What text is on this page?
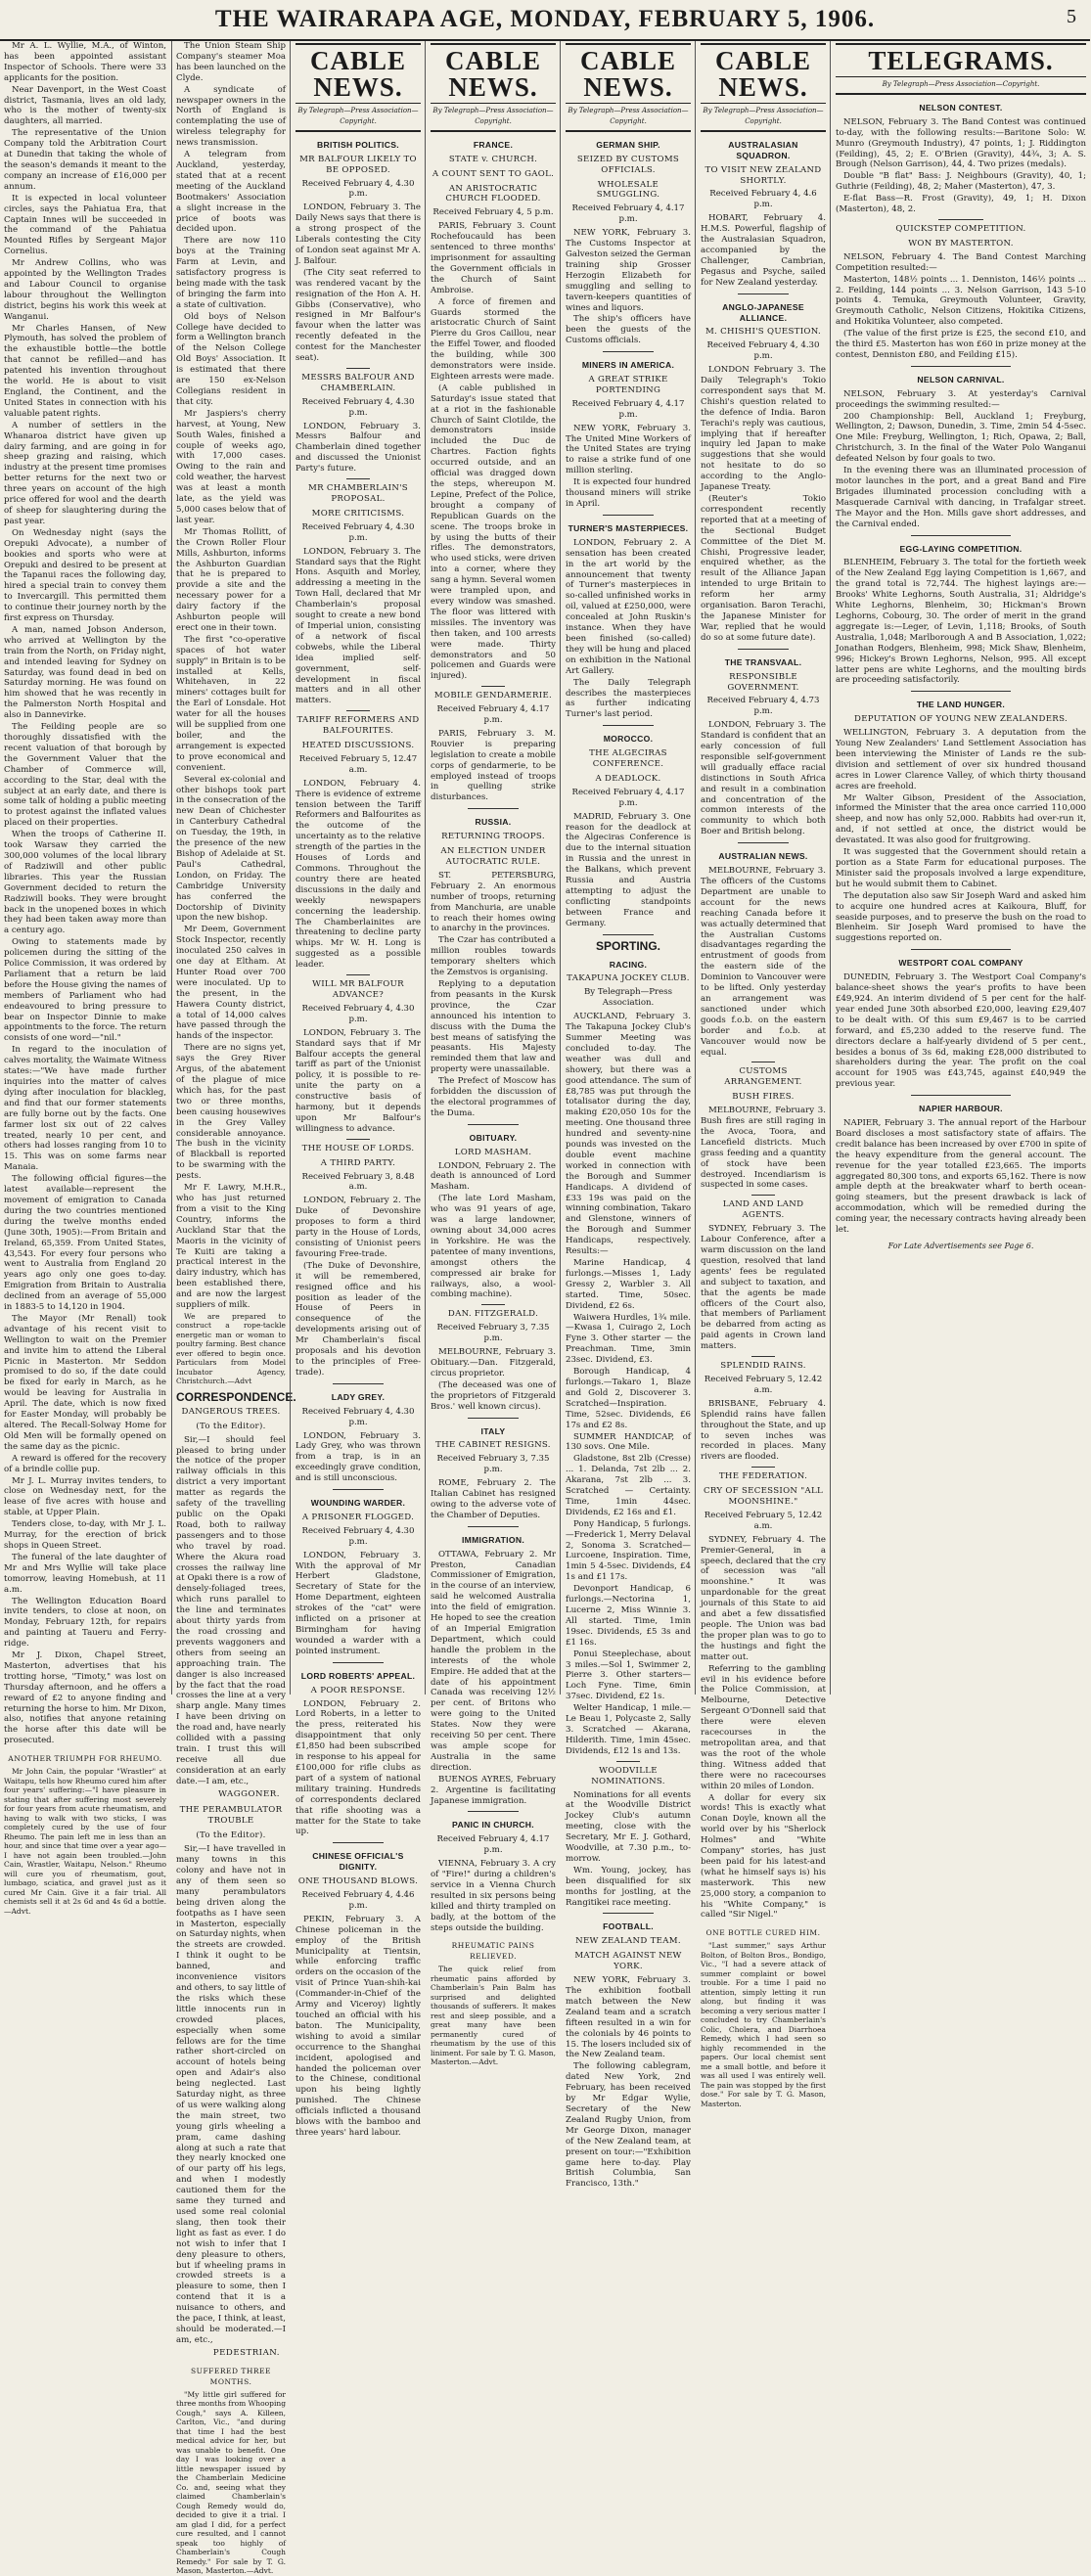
THE WAIRARAPA AGE, MONDAY, FEBRUARY 5, 1906.	5

Mr A. L. Wyllie, M.A., of Winton, has been appointed assistant Inspector of Schools. There were 33 applicants for the position.

Near Davenport, in the West Coast district, Tasmania, lives an old lady, who is the mother of twenty-six daughters, all married.

The representative of the Union Company told the Arbitration Court at Dunedin that taking the whole of the season's demands it meant to the company an increase of £16,000 per annum.

It is expected in local volunteer circles, says the Pahiatua Era, that Captain Innes will be succeeded in the command of the Pahiatua Mounted Rifles by Sergeant Major Cornelius.

Mr Andrew Collins, who was appointed by the Wellington Trades and Labour Council to organise labour throughout the Wellington district, begins his work this week at Wanganui.

Mr Charles Hansen, of New Plymouth, has solved the problem of the exhaustible bottle—the bottle that cannot be refilled—and has patented his invention throughout the world. He is about to visit England, the Continent, and the United States in connection with his valuable patent rights.

A number of settlers in the Whanaroa district have given up dairy farming, and are going in for sheep grazing and raising, which industry at the present time promises better returns for the next two or three years on account of the high price offered for wool and the dearth of sheep for slaughtering during the past year.

On Wednesday night (says the Orepuki Advocate), a number of bookies and sports who were at Orepuki and desired to be present at the Tapanui races the following day, hired a special train to convey them to Invercargill. This permitted them to continue their journey north by the first express on Thursday.

A man, named Jobson Anderson, who arrived at Wellington by the train from the North, on Friday night, and intended leaving for Sydney on Saturday, was found dead in bed on Saturday morning. He was found on him showed that he was recently in the Palmerston North Hospital and also in Dannevirke.

The Feilding people are so thoroughly dissatisfied with the recent valuation of that borough by the Government Valuer that the Chamber of Commerce will, according to the Star, deal with the subject at an early date, and there is some talk of holding a public meeting to protest against the inflated values placed on their properties.

When the troops of Catherine II. took Warsaw they carried the 300,000 volumes of the local library of Radziwill and other public libraries. This year the Russian Government decided to return the Radziwill books. They were brought back in the unopened boxes in which they had been taken away more than a century ago.

Owing to statements made by policemen during the sitting of the Police Commission, it was ordered by Parliament that a return be laid before the House giving the names of members of Parliament who had endeavoured to bring pressure to bear on Inspector Dinnie to make appointments to the force. The return consists of one word—"nil."

In regard to the inoculation of calves mortality, the Waimate Witness states:—"We have made further inquiries into the matter of calves dying after inoculation for blackleg, and find that our former statements are fully borne out by the facts. One farmer lost six out of 22 calves treated, nearly 10 per cent, and others had losses ranging from 10 to 15. This was on some farms near Manaia.

The following official figures—the latest available—represent the movement of emigration to Canada during the two countries mentioned during the twelve months ended (June 30th, 1905):—From Britain and Ireland, 65,359. From United States, 43,543. For every four persons who went to Australia from England 20 years ago only one goes to-day. Emigration from Britain to Australia declined from an average of 55,000 in 1883-5 to 14,120 in 1904.

The Mayor (Mr Renall) took advantage of his recent visit to Wellington to wait on the Premier and invite him to attend the Liberal Picnic in Masterton. Mr Seddon promised to do so, if the date could be fixed for early in March, as he would be leaving for Australia in April. The date, which is now fixed for Easter Monday, will probably be altered. The Recall-Solway Home for Old Men will be formally opened on the same day as the picnic.

A reward is offered for the recovery of a brindle collie pup.

Mr J. L. Murray invites tenders, to close on Wednesday next, for the lease of five acres with house and stable, at Upper Plain.

Tenders close, to-day, with Mr J. L. Murray, for the erection of brick shops in Queen Street.

The funeral of the late daughter of Mr and Mrs Wyllie will take place tomorrow, leaving Homebush, at 11 a.m.

The Wellington Education Board invite tenders, to close at noon, on Monday, February 12th, for repairs and painting at Taueru and Ferry-ridge.

Mr J. Dixon, Chapel Street, Masterton, advertises that his trotting horse, "Timoty," was lost on Thursday afternoon, and he offers a reward of £2 to anyone finding and returning the horse to him. Mr Dixon, also, notifies that anyone retaining the horse after this date will be prosecuted.

ANOTHER TRIUMPH FOR RHEUMO.

Mr John Cain, the popular "Wrastler" at Waitapu, tells how Rheumo cured him after four years' suffering:—"I have pleasure in stating that after suffering most severely for four years from acute rheumatism, and having to walk with two sticks, I was completely cured by the use of four Rheumo. The pain left me in less than an hour, and since that time over a year ago—I have not again been troubled.—John Cain, Wrastler, Waitapu, Nelson." Rheumo will cure you of rheumatism, gout, lumbago, sciatica, and gravel just as it cured Mr Cain. Give it a fair trial. All chemists sell it at 2s 6d and 4s 6d a bottle.—Advt.

The Union Steam Ship Company's steamer Moa has been launched on the Clyde.

A syndicate of newspaper owners in the North of England is contemplating the use of wireless telegraphy for news transmission.

A telegram from Auckland, yesterday, stated that at a recent meeting of the Auckland Bootmakers' Association a slight increase in the price of boots was decided upon.

There are now 110 boys at the Training Farm at Levin, and satisfactory progress is being made with the task of bringing the farm into a state of cultivation.

Old boys of Nelson College have decided to form a Wellington branch of the Nelson College Old Boys' Association. It is estimated that there are 150 ex-Nelson Collegians resident in that city.

Mr Jaspiers's cherry harvest, at Young, New South Wales, finished a couple of weeks ago, with 17,000 cases. Owing to the rain and cold weather, the harvest was at least a month late, as the yield was 5,000 cases below that of last year.

Mr Thomas Rollitt, of the Crown Roller Flour Mills, Ashburton, informs the Ashburton Guardian that he is prepared to provide a site and the necessary power for a dairy factory if the Ashburton people will erect one in their town.

The first "co-operative spaces of hot water supply" in Britain is to be installed at Kells, Whitehaven, in 22 miners' cottages built for the Earl of Lonsdale. Hot water for all the houses will be supplied from one boiler, and the arrangement is expected to prove economical and convenient.

Several ex-colonial and other bishops took part in the consecration of the new Dean of Chichester in Canterbury Cathedral on Tuesday, the 19th, in the presence of the new Bishop of Adelaide at St. Paul's Cathedral, London, on Friday. The Cambridge University has conferred the Doctorship of Divinity upon the new bishop.

Mr Deem, Government Stock Inspector, recently inoculated 250 calves in one day at Eltham. At Hunter Road over 700 were inoculated. Up to the present, in the Hawera County district, a total of 14,000 calves have passed through the hands of the inspector.

There are no signs yet, says the Grey River Argus, of the abatement of the plague of mice which has, for the past two or three months, been causing housewives in the Grey Valley considerable annoyance. The bush in the vicinity of Blackball is reported to be swarming with the pests.

Mr F. Lawry, M.H.R., who has just returned from a visit to the King Country, informs the Auckland Star that the Maoris in the vicinity of Te Kuiti are taking a practical interest in the dairy industry, which has been established there, and are now the largest suppliers of milk.

We are prepared to construct a rope-tackle energetic man or woman to poultry farming. Best chance ever offered to begin once. Particulars from Model Incubator Agency, Christchurch.—Advt

CORRESPONDENCE.
DANGEROUS TREES.
(To the Editor).

Sir,—I should feel pleased to bring under the notice of the proper railway officials in this district a very important matter as regards the safety of the travelling public on the Opaki Road, both to railway passengers and to those who travel by road. Where the Akura road crosses the railway line at Opaki there is a row of densely-foliaged trees, which runs parallel to the line and terminates about thirty yards from the road crossing and prevents waggoners and others from seeing an approaching train. The danger is also increased by the fact that the road crosses the line at a very sharp angle. Many times I have been driving on the road and, have nearly collided with a passing train. I trust this will receive all due consideration at an early date.—I am, etc.,

WAGGONER.
THE PERAMBULATOR TROUBLE
(To the Editor).

Sir,—I have travelled in many towns in this colony and have not in any of them seen so many perambulators being driven along the footpaths as I have seen in Masterton, especially on Saturday nights, when the streets are crowded. I think it ought to be banned, and inconvenience visitors and others, to say little of the risks which these little innocents run in crowded places, especially when some fellows are for the time rather short-circled on account of hotels being open and Adair's also being neglected. Last Saturday night, as three of us were walking along the main street, two young girls wheeling a pram, came dashing along at such a rate that they nearly knocked one of our party off his legs, and when I modestly cautioned them for the same they turned and used some real colonial slang, then took their light as fast as ever. I do not wish to infer that I deny pleasure to others, but if wheeling prams in crowded streets is a pleasure to some, then I contend that it is a nuisance to others, and the pace, I think, at least, should be moderated.—I am, etc.,

PEDESTRIAN.
SUFFERED THREE MONTHS.

"My little girl suffered for three months from Whooping Cough," says A. Killeen, Carlton, Vic., "and during that time I had the best medical advice for her, but was unable to benefit. One day I was looking over a little newspaper issued by the Chamberlain Medicine Co. and, seeing what they claimed Chamberlain's Cough Remedy would do, decided to give it a trial. I am glad I did, for a perfect cure resulted, and I cannot speak too highly of Chamberlain's Cough Remedy." For sale by T. G. Mason, Masterton.—Advt.

CABLE NEWS.
By Telegraph—Press Association—Copyright.
BRITISH POLITICS.
MR BALFOUR LIKELY TO BE OPPOSED.
Received February 4, 4.30 p.m.

LONDON, February 3. The Daily News says that there is a strong prospect of the Liberals contesting the City of London seat against Mr A. J. Balfour.

(The City seat referred to was rendered vacant by the resignation of the Hon A. H. Gibbs (Conservative), who resigned in Mr Balfour's favour when the latter was recently defeated in the contest for the Manchester seat).

MESSRS BALFOUR AND CHAMBERLAIN.
Received February 4, 4.30 p.m.

LONDON, February 3. Messrs Balfour and Chamberlain dined together and discussed the Unionist Party's future.

MR CHAMBERLAIN'S PROPOSAL.
MORE CRITICISMS.
Received February 4, 4.30 p.m.

LONDON, February 3. The Standard says that the Right Hons. Asquith and Morley, addressing a meeting in the Town Hall, declared that Mr Chamberlain's proposal sought to create a new bond of Imperial union, consisting of a network of fiscal cobwebs, while the Liberal idea implied self-government, self-development in fiscal matters and in all other matters.

TARIFF REFORMERS AND BALFOURITES.
HEATED DISCUSSIONS.
Received February 5, 12.47 a.m.

LONDON, February 4. There is evidence of extreme tension between the Tariff Reformers and Balfourites as the outcome of the uncertainty as to the relative strength of the parties in the Houses of Lords and Commons. Throughout the country there are heated discussions in the daily and weekly newspapers concerning the leadership. The Chamberlainites are threatening to decline party whips. Mr W. H. Long is suggested as a possible leader.

WILL MR BALFOUR ADVANCE?
Received February 4, 4.30 p.m.

LONDON, February 3. The Standard says that if Mr Balfour accepts the general tariff as part of the Unionist policy, it is possible to re-unite the party on a constructive basis of harmony, but it depends upon Mr Balfour's willingness to advance.

THE HOUSE OF LORDS.
A THIRD PARTY.
Received February 3, 8.48 a.m.

LONDON, February 2. The Duke of Devonshire proposes to form a third party in the House of Lords, consisting of Unionist peers favouring Free-trade.

(The Duke of Devonshire, it will be remembered, resigned office and his position as leader of the House of Peers in consequence of the developments arising out of Mr Chamberlain's fiscal proposals and his devotion to the principles of Free-trade).

LADY GREY.
Received February 4, 4.30 p.m.

LONDON, February 3. Lady Grey, who was thrown from a trap, is in an exceedingly grave condition, and is still unconscious.

WOUNDING WARDER.
A PRISONER FLOGGED.
Received February 4, 4.30 p.m.

LONDON, February 3. With the approval of Mr Herbert Gladstone, Secretary of State for the Home Department, eighteen strokes of the "cat" were inflicted on a prisoner at Birmingham for having wounded a warder with a pointed instrument.

LORD ROBERTS' APPEAL.
A POOR RESPONSE.

LONDON, February 2. Lord Roberts, in a letter to the press, reiterated his disappointment that only £1,850 had been subscribed in response to his appeal for £100,000 for rifle clubs as part of a system of national military training. Hundreds of correspondents declared that rifle shooting was a matter for the State to take up.

CHINESE OFFICIAL'S DIGNITY.
ONE THOUSAND BLOWS.
Received February 4, 4.46 p.m.

PEKIN, February 3. A Chinese policeman in the employ of the British Municipality at Tientsin, while enforcing traffic orders on the occasion of the visit of Prince Yuan-shih-kai (Commander-in-Chief of the Army and Viceroy) lightly touched an official with his baton. The Municipality, wishing to avoid a similar occurrence to the Shanghai incident, apologised and handed the policeman over to the Chinese, conditional upon his being lightly punished. The Chinese officials inflicted a thousand blows with the bamboo and three years' hard labour.

CABLE NEWS.
By Telegraph—Press Association—Copyright.
FRANCE.
STATE v. CHURCH.
A COUNT SENT TO GAOL.
AN ARISTOCRATIC CHURCH FLOODED.
Received February 4, 5 p.m.

PARIS, February 3. Count Rochefoucauld has been sentenced to three months' imprisonment for assaulting the Government officials in the Church of Saint Ambroise.

A force of firemen and Guards stormed the aristocratic Church of Saint Pierre du Gros Caillou, near the Eiffel Tower, and flooded the building, while 300 demonstrators were inside. Eighteen arrests were made.

(A cable published in Saturday's issue stated that at a riot in the fashionable Church of Saint Clotilde, the demonstrators inside included the Duc de Chartres. Faction fights occurred outside, and an official was dragged down the steps, whereupon M. Lepine, Prefect of the Police, brought a company of Republican Guards on the scene. The troops broke in by using the butts of their rifles. The demonstrators, who used sticks, were driven into a corner, where they sang a hymn. Several women were trampled upon, and every window was smashed. The floor was littered with missiles. The inventory was then taken, and 100 arrests were made. Thirty demonstrators and 50 policemen and Guards were injured).

MOBILE GENDARMERIE.
Received February 4, 4.17 p.m.

PARIS, February 3. M. Rouvier is preparing legislation to create a mobile corps of gendarmerie, to be employed instead of troops in quelling strike disturbances.

RUSSIA.
RETURNING TROOPS.
AN ELECTION UNDER AUTOCRATIC RULE.

ST. PETERSBURG, February 2. An enormous number of troops, returning from Manchuria, are unable to reach their homes owing to anarchy in the provinces.

The Czar has contributed a million roubles towards temporary shelters which the Zemstvos is organising.

Replying to a deputation from peasants in the Kursk province, the Czar announced his intention to discuss with the Duma the best means of satisfying the peasants. His Majesty reminded them that law and property were unassailable.

The Prefect of Moscow has forbidden the discussion of the electoral programmes of the Duma.

OBITUARY.
LORD MASHAM.

LONDON, February 2. The death is announced of Lord Masham.

(The late Lord Masham, who was 91 years of age, was a large landowner, owning about 34,000 acres in Yorkshire. He was the patentee of many inventions, amongst others the compressed air brake for railways, also, a wool-combing machine).

DAN. FITZGERALD.
Received February 3, 7.35 p.m.

MELBOURNE, February 3. Obituary.—Dan. Fitzgerald, circus proprietor.

(The deceased was one of the proprietors of Fitzgerald Bros.' well known circus).

ITALY
THE CABINET RESIGNS.
Received February 3, 7.35 p.m.

ROME, February 2. The Italian Cabinet has resigned owing to the adverse vote of the Chamber of Deputies.

IMMIGRATION.

OTTAWA, February 2. Mr Preston, Canadian Commissioner of Emigration, in the course of an interview, said he welcomed Australia into the field of emigration. He hoped to see the creation of an Imperial Emigration Department, which could handle the problem in the interests of the whole Empire. He added that at the date of his appointment Canada was receiving 12½ per cent. of Britons who were going to the United States. Now they were receiving 50 per cent. There was ample scope for Australia in the same direction.

BUENOS AYRES, February 2. Argentine is facilitating Japanese immigration.

PANIC IN CHURCH.
Received February 4, 4.17 p.m.

VIENNA, February 3. A cry of "Fire!" during a children's service in a Vienna Church resulted in six persons being killed and thirty trampled on badly, at the bottom of the steps outside the building.

RHEUMATIC PAINS RELIEVED.

The quick relief from rheumatic pains afforded by Chamberlain's Pain Balm has surprised and delighted thousands of sufferers. It makes rest and sleep possible, and a great many have been permanently cured of rheumatism by the use of this liniment. For sale by T. G. Mason, Masterton.—Advt.

CABLE NEWS.
By Telegraph—Press Association—Copyright.
GERMAN SHIP.
SEIZED BY CUSTOMS OFFICIALS.
WHOLESALE SMUGGLING.
Received February 4, 4.17 p.m.

NEW YORK, February 3. The Customs Inspector at Galveston seized the German training ship Grosser Herzogin Elizabeth for smuggling and selling to tavern-keepers quantities of wines and liquors.

The ship's officers have been the guests of the Customs officials.

MINERS IN AMERICA.
A GREAT STRIKE PORTENDING
Received February 4, 4.17 p.m.

NEW YORK, February 3. The United Mine Workers of the United States are trying to raise a strike fund of one million sterling.

It is expected four hundred thousand miners will strike in April.

TURNER'S MASTERPIECES.

LONDON, February 2. A sensation has been created in the art world by the announcement that twenty of Turner's masterpieces in so-called unfinished works in oil, valued at £250,000, were concealed at John Ruskin's instance. When they have been finished (so-called) they will be hung and placed on exhibition in the National Art Gallery.

The Daily Telegraph describes the masterpieces as further indicating Turner's last period.

MOROCCO.
THE ALGECIRAS CONFERENCE.
A DEADLOCK.
Received February 4, 4.17 p.m.

MADRID, February 3. One reason for the deadlock at the Algeciras Conference is due to the internal situation in Russia and the unrest in the Balkans, which prevent Russia and Austria attempting to adjust the conflicting standpoints between France and Germany.

SPORTING.
RACING.
TAKAPUNA JOCKEY CLUB.
By Telegraph—Press Association.

AUCKLAND, February 3. The Takapuna Jockey Club's Summer Meeting was concluded to-day. The weather was dull and showery, but there was a good attendance. The sum of £8,785 was put through the totalisator during the day, making £20,050 10s for the meeting. One thousand three hundred and seventy-nine pounds was invested on the double event machine worked in connection with the Borough and Summer Handicaps. A dividend of £33 19s was paid on the winning combination, Takaro and Glenstone, winners of the Borough and Summer Handicaps, respectively. Results:—

Marine Handicap, 4 furlongs.—Misses 1, Lady Gressy 2, Warbler 3. All started. Time, 50sec. Dividend, £2 6s.

Waiwera Hurdles, 1¾ mile.—Kwasa 1, Cuirago 2, Loch Fyne 3. Other starter — the Preachman. Time, 3min 23sec. Dividend, £3.

Borough Handicap, 4 furlongs.—Takaro 1, Blaze and Gold 2, Discoverer 3. Scratched—Inspiration. Time, 52sec. Dividends, £6 17s and £2 8s.

SUMMER HANDICAP, of 130 sovs. One Mile.

Gladstone, 8st 2lb (Cresse) ... 1. Delanda, 7st 2lb ... 2. Akarana, 7st 2lb ... 3. Scratched — Certainty. Time, 1min 44sec. Dividends, £2 16s and £1.

Pony Handicap, 5 furlongs.—Frederick 1, Merry Delaval 2, Sonoma 3. Scratched—Lurcoene, Inspiration. Time, 1min 5 4-5sec. Dividends, £4 1s and £1 17s.

Devonport Handicap, 6 furlongs.—Nectorina 1, Lucerne 2, Miss Winnie 3. All started. Time, 1min 19sec. Dividends, £5 3s and £1 16s.

Ponui Steeplechase, about 3 miles.—Sol 1, Swimmer 2, Pierre 3. Other starters—Loch Fyne. Time, 6min 37sec. Dividend, £2 1s.

Welter Handicap, 1 mile.—Le Beau 1, Polycaste 2, Sally 3. Scratched — Akarana, Hilderith. Time, 1min 45sec. Dividends, £12 1s and 13s.

WOODVILLE NOMINATIONS.

Nominations for all events at the Woodville District Jockey Club's autumn meeting, close with the Secretary, Mr E. J. Gothard, Woodville, at 7.30 p.m., to-morrow.

Wm. Young, jockey, has been disqualified for six months for jostling, at the Rangitikei race meeting.

FOOTBALL.
NEW ZEALAND TEAM.
MATCH AGAINST NEW YORK.

NEW YORK, February 3. The exhibition football match between the New Zealand team and a scratch fifteen resulted in a win for the colonials by 46 points to 15. The losers included six of the New Zealand team.

The following cablegram, dated New York, 2nd February, has been received by Mr Edgar Wylie, Secretary of the New Zealand Rugby Union, from Mr George Dixon, manager of the New Zealand team, at present on tour:—"Exhibition game here to-day. Play British Columbia, San Francisco, 13th."

CABLE NEWS.
By Telegraph—Press Association—Copyright.
AUSTRALASIAN SQUADRON.
TO VISIT NEW ZEALAND SHORTLY.
Received February 4, 4.6 p.m.

HOBART, February 4. H.M.S. Powerful, flagship of the Australasian Squadron, accompanied by the Challenger, Cambrian, Pegasus and Psyche, sailed for New Zealand yesterday.

ANGLO-JAPANESE ALLIANCE.
M. CHISHI'S QUESTION.
Received February 4, 4.30 p.m.

LONDON February 3. The Daily Telegraph's Tokio correspondent says that M. Chishi's question related to the defence of India. Baron Terachi's reply was cautious, implying that if hereafter inquiry led Japan to make suggestions that she would not hesitate to do so according to the Anglo-Japanese Treaty.

(Reuter's Tokio correspondent recently reported that at a meeting of the Sectional Budget Committee of the Diet M. Chishi, Progressive leader, enquired whether, as the result of the Alliance Japan intended to urge Britain to reform her army organisation. Baron Terachi, the Japanese Minister for War, replied that he would do so at some future date).

THE TRANSVAAL.
RESPONSIBLE GOVERNMENT.
Received February 4, 4.73 p.m.

LONDON, February 3. The Standard is confident that an early concession of full responsible self-government will gradually efface racial distinctions in South Africa and result in a combination and concentration of the common interests of the community to which both Boer and British belong.

AUSTRALIAN NEWS.

MELBOURNE, February 3. The officers of the Customs Department are unable to account for the news reaching Canada before it was actually determined that the Australian Customs disadvantages regarding the entrustment of goods from the eastern side of the Dominion to Vancouver were to be lifted. Only yesterday an arrangement was sanctioned under which goods f.o.b. on the eastern border and f.o.b. at Vancouver would now be equal.

CUSTOMS ARRANGEMENT.
BUSH FIRES.

MELBOURNE, February 3. Bush fires are still raging in the Avoca, Toora, and Lancefield districts. Much grass feeding and a quantity of stock have been destroyed. Incendiarism is suspected in some cases.

LAND AND LAND AGENTS.

SYDNEY, February 3. The Labour Conference, after a warm discussion on the land question, resolved that land agents' fees be regulated and subject to taxation, and that the agents be made officers of the Court also, that members of Parliament be debarred from acting as paid agents in Crown land matters.

SPLENDID RAINS.
Received February 5, 12.42 a.m.

BRISBANE, February 4. Splendid rains have fallen throughout the State, and up to seven inches was recorded in places. Many rivers are flooded.

THE FEDERATION.
CRY OF SECESSION "ALL MOONSHINE."
Received February 5, 12.42 a.m.

SYDNEY, February 4. The Premier-General, in a speech, declared that the cry of secession was "all moonshine." It was unpardonable for the great journals of this State to aid and abet a few dissatisfied people. The Union was bad the proper plan was to go to the hustings and fight the matter out.

Referring to the gambling evil in his evidence before the Police Commission, at Melbourne, Detective Sergeant O'Donnell said that there were eleven racecourses in the metropolitan area, and that was the root of the whole thing. Witness added that there were no racecourses within 20 miles of London.

A dollar for every six words! This is exactly what Conan Doyle, known all the world over by his "Sherlock Holmes" and "White Company" stories, has just been paid for his latest-and (what he himself says is) his masterwork. This new 25,000 story, a companion to his "White Company," is called "Sir Nigel."

ONE BOTTLE CURED HIM.

"Last summer," says Arthur Bolton, of Bolton Bros., Bondigo, Vic., "I had a severe attack of summer complaint or bowel trouble. For a time I paid no attention, simply letting it run along, but finding it was becoming a very serious matter I concluded to try Chamberlain's Colic, Cholera, and Diarrhoea Remedy, which I had seen so highly recommended in the papers. Our local chemist sent me a small bottle, and before it was all used I was entirely well. The pain was stopped by the first dose." For sale by T. G. Mason, Masterton.

TELEGRAMS.
By Telegraph—Press Association—Copyright.
NELSON CONTEST.

NELSON, February 3. The Band Contest was continued to-day, with the following results:—Baritone Solo: W. Munro (Greymouth Industry), 47 points, 1; J. Riddington (Feilding), 45, 2; E. O'Brien (Gravity), 44¾, 3; A. S. Brough (Nelson Garrison), 44, 4. Two prizes (medals).

Double "B flat" Bass: J. Neighbours (Gravity), 40, 1; Guthrie (Feilding), 48, 2; Maher (Masterton), 47, 3.

E-flat Bass—R. Frost (Gravity), 49, 1; H. Dixon (Masterton), 48, 2.

QUICKSTEP COMPETITION.
WON BY MASTERTON.

NELSON, February 4. The Band Contest Marching Competition resulted:—

Masterton, 148½ points ... 1. Denniston, 146½ points ... 2. Feilding, 144 points ... 3. Nelson Garrison, 143 5-10 points 4. Temuka, Greymouth Volunteer, Gravity, Greymouth Catholic, Nelson Citizens, Hokitika Citizens, and Hokitika Volunteer, also competed.

(The value of the first prize is £25, the second £10, and the third £5. Masterton has won £60 in prize money at the contest, Denniston £80, and Feilding £15).

NELSON CARNIVAL.

NELSON, February 3. At yesterday's Carnival proceedings the swimming resulted:—

200 Championship: Bell, Auckland 1; Freyburg, Wellington, 2; Dawson, Dunedin, 3. Time, 2min 54 4-5sec. One Mile: Freyburg, Wellington, 1; Rich, Opawa, 2; Ball, Christchurch, 3. In the final of the Water Polo Wanganui defeated Nelson by four goals to two.

In the evening there was an illuminated procession of motor launches in the port, and a great Band and Fire Brigades illuminated procession concluding with a Masquerade Carnival with dancing, in Trafalgar street. The Mayor and the Hon. Mills gave short addresses, and the Carnival ended.

EGG-LAYING COMPETITION.

BLENHEIM, February 3. The total for the fortieth week of the New Zealand Egg laying Competition is 1,667, and the grand total is 72,744. The highest layings are:—Brooks' White Leghorns, South Australia, 31; Aldridge's White Leghorns, Blenheim, 30; Hickman's Brown Leghorns, Cobourg, 30. The order of merit in the grand aggregate is:—Leger, of Levin, 1,118; Brooks, of South Australia, 1,048; Marlborough A and B Association, 1,022; Jonathan Rodgers, Blenheim, 998; Mick Shaw, Blenheim, 996; Hickey's Brown Leghorns, Nelson, 995. All except latter pens are white Leghorns, and the moulting birds are proceeding satisfactorily.

THE LAND HUNGER.
DEPUTATION OF YOUNG NEW ZEALANDERS.

WELLINGTON, February 3. A deputation from the Young New Zealanders' Land Settlement Association has been interviewing the Minister of Lands re the sub-division and settlement of over six hundred thousand acres in Lower Clarence Valley, of which thirty thousand acres are freehold.

Mr Walter Gibson, President of the Association, informed the Minister that the area once carried 110,000 sheep, and now has only 52,000. Rabbits had over-run it, and, if not settled at once, the district would be devastated. It was also good for fruitgrowing.

It was suggested that the Government should retain a portion as a State Farm for educational purposes. The Minister said the proposals involved a large expenditure, but he would submit them to Cabinet.

The deputation also saw Sir Joseph Ward and asked him to acquire one hundred acres at Kaikoura, Bluff, for seaside purposes, and to preserve the bush on the road to Blenheim. Sir Joseph Ward promised to have the suggestions reported on.

WESTPORT COAL COMPANY

DUNEDIN, February 3. The Westport Coal Company's balance-sheet shows the year's profits to have been £49,924. An interim dividend of 5 per cent for the half-year ended June 30th absorbed £20,000, leaving £29,407 to be dealt with. Of this sum £9,467 is to be carried forward, and £5,230 added to the reserve fund. The directors declare a half-yearly dividend of 5 per cent., besides a bonus of 3s 6d, making £28,000 distributed to shareholders during the year. The profit on the coal account for 1905 was £43,745, against £40,949 the previous year.

NAPIER HARBOUR.

NAPIER, February 3. The annual report of the Harbour Board discloses a most satisfactory state of affairs. The credit balance has been increased by over £700 in spite of the heavy expenditure from the general account. The revenue for the year totalled £23,665. The imports aggregated 80,300 tons, and exports 65,162. There is now ample depth at the breakwater wharf to berth ocean-going steamers, but the present drawback is lack of accommodation, which will be remedied during the coming year, the necessary contracts having already been let.

For Late Advertisements see Page 6.
